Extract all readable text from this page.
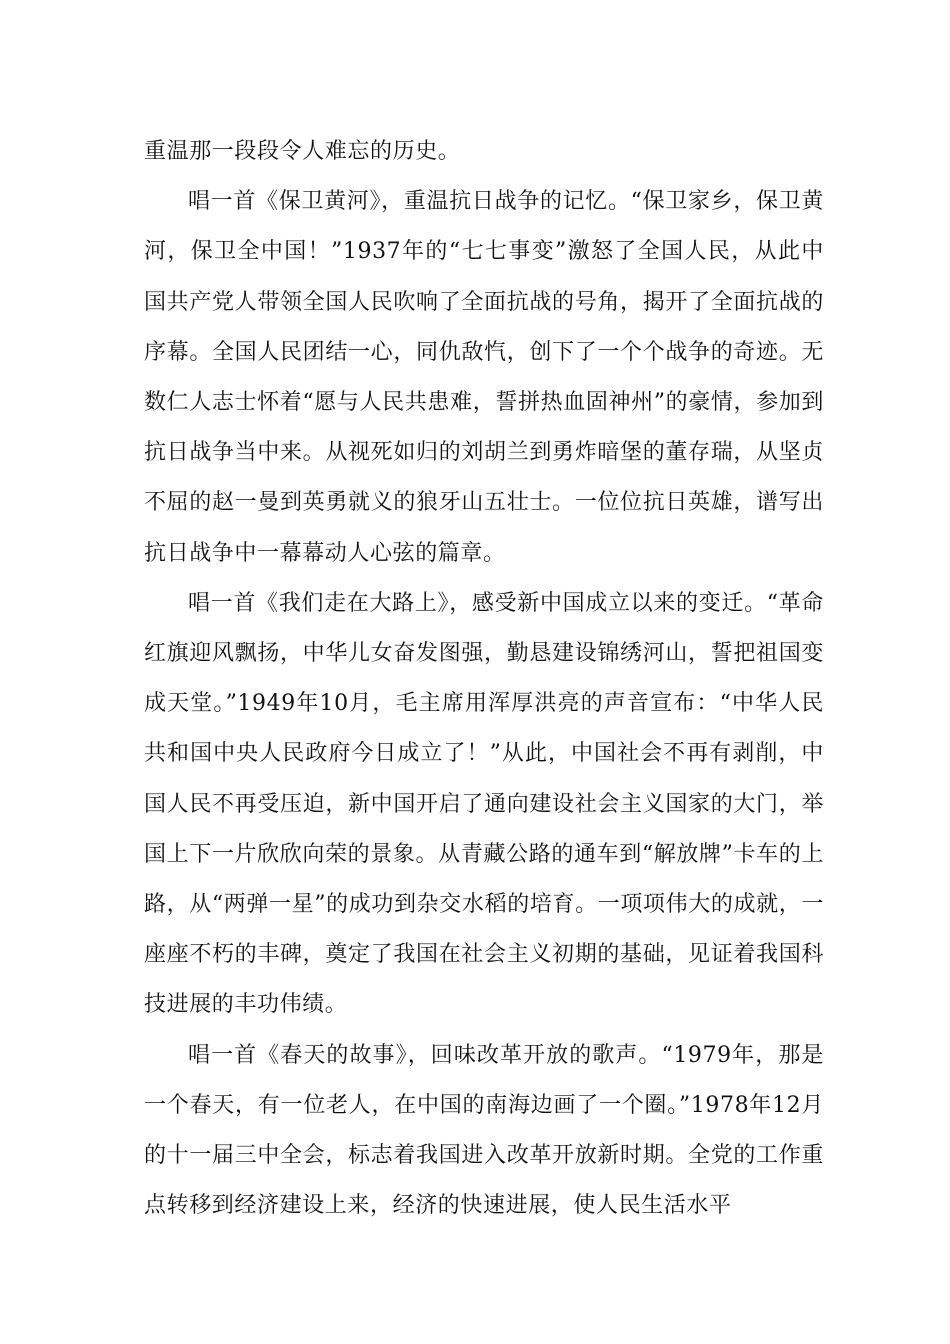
重温那一段段令人难忘的历史。

唱一首《保卫黄河》，重温抗日战争的记忆。“保卫家乡，保卫黄河，保卫全中国！”1937年的“七七事变”激怒了全国人民，从此中国共产党人带领全国人民吹响了全面抗战的号角，揭开了全面抗战的序幕。全国人民团结一心，同仇敌忾，创下了一个个战争的奇迹。无数仁人志士怀着“愿与人民共患难，誓拼热血固神州”的豪情，参加到抗日战争当中来。从视死如归的刘胡兰到勇炸暗堡的董存瑞，从坚贞不屈的赵一曼到英勇就义的狼牙山五壮士。一位位抗日英雄，谱写出抗日战争中一幕幕动人心弦的篇章。

唱一首《我们走在大路上》，感受新中国成立以来的变迁。“革命红旗迎风飘扬，中华儿女奋发图强，勤恳建设锦绣河山，誓把祖国变成天堂。”1949年10月，毛主席用浑厚洪亮的声音宣布：“中华人民共和国中央人民政府今日成立了！”从此，中国社会不再有剥削，中国人民不再受压迫，新中国开启了通向建设社会主义国家的大门，举国上下一片欣欣向荣的景象。从青藏公路的通车到“解放牌”卡车的上路，从“两弹一星”的成功到杂交水稻的培育。一项项伟大的成就，一座座不朽的丰碑，奠定了我国在社会主义初期的基础，见证着我国科技进展的丰功伟绩。

唱一首《春天的故事》，回味改革开放的歌声。“1979年，那是一个春天，有一位老人，在中国的南海边画了一个圈。”1978年12月的十一届三中全会，标志着我国进入改革开放新时期。全党的工作重点转移到经济建设上来，经济的快速进展，使人民生活水平
